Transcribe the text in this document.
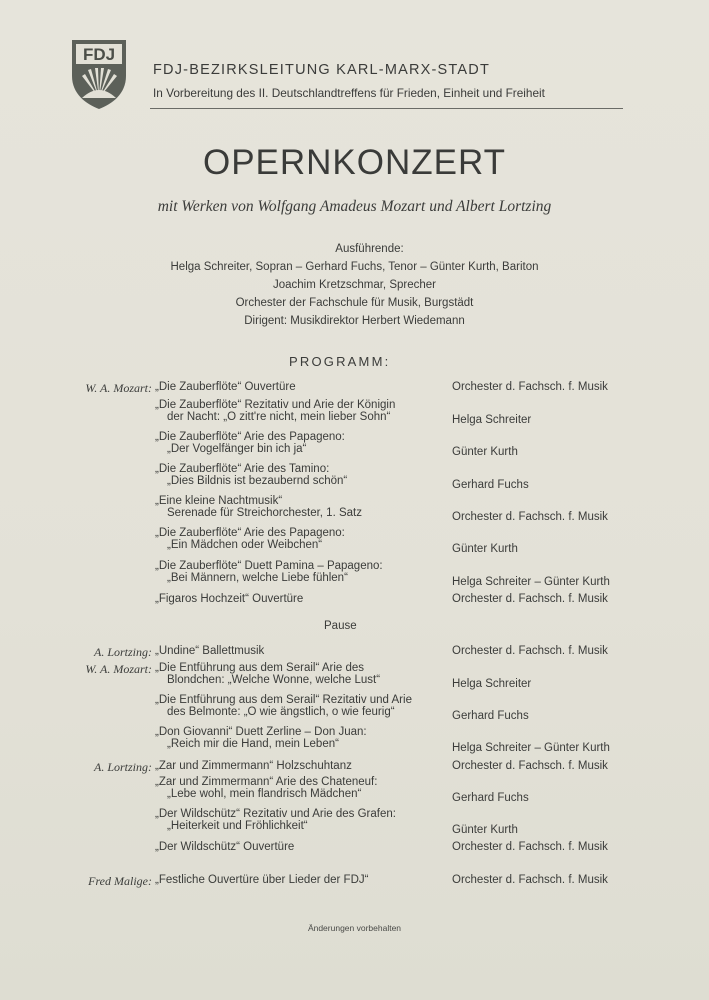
FDJ
FDJ-BEZIRKSLEITUNG KARL-MARX-STADT
In Vorbereitung des II. Deutschlandtreffens für Frieden, Einheit und Freiheit
OPERNKONZERT
mit Werken von Wolfgang Amadeus Mozart und Albert Lortzing
Ausführende:
Helga Schreiter, Sopran – Gerhard Fuchs, Tenor – Günter Kurth, Bariton
Joachim Kretzschmar, Sprecher
Orchester der Fachschule für Musik, Burgstädt
Dirigent: Musikdirektor Herbert Wiedemann
PROGRAMM:
W. A. Mozart: „Die Zauberflöte“ Ouvertüre	Orchester d. Fachsch. f. Musik
„Die Zauberflöte“ Rezitativ und Arie der Königin
der Nacht: „O zitt're nicht, mein lieber Sohn“	Helga Schreiter
„Die Zauberflöte“ Arie des Papageno:
„Der Vogelfänger bin ich ja“	Günter Kurth
„Die Zauberflöte“ Arie des Tamino:
„Dies Bildnis ist bezaubernd schön“	Gerhard Fuchs
„Eine kleine Nachtmusik“
Serenade für Streichorchester, 1. Satz	Orchester d. Fachsch. f. Musik
„Die Zauberflöte“ Arie des Papageno:
„Ein Mädchen oder Weibchen“	Günter Kurth
„Die Zauberflöte“ Duett Pamina – Papageno:
„Bei Männern, welche Liebe fühlen“	Helga Schreiter – Günter Kurth
„Figaros Hochzeit“ Ouvertüre	Orchester d. Fachsch. f. Musik
Pause
A. Lortzing: „Undine“ Ballettmusik	Orchester d. Fachsch. f. Musik
W. A. Mozart: „Die Entführung aus dem Serail“ Arie des
Blondchen: „Welche Wonne, welche Lust“	Helga Schreiter
„Die Entführung aus dem Serail“ Rezitativ und Arie
des Belmonte: „O wie ängstlich, o wie feurig“	Gerhard Fuchs
„Don Giovanni“ Duett Zerline – Don Juan:
„Reich mir die Hand, mein Leben“	Helga Schreiter – Günter Kurth
A. Lortzing: „Zar und Zimmermann“ Holzschuhtanz	Orchester d. Fachsch. f. Musik
„Zar und Zimmermann“ Arie des Chateneuf:
„Lebe wohl, mein flandrisch Mädchen“	Gerhard Fuchs
„Der Wildschütz“ Rezitativ und Arie des Grafen:
„Heiterkeit und Fröhlichkeit“	Günter Kurth
„Der Wildschütz“ Ouvertüre	Orchester d. Fachsch. f. Musik
Fred Malige: „Festliche Ouvertüre über Lieder der FDJ“	Orchester d. Fachsch. f. Musik
Änderungen vorbehalten
